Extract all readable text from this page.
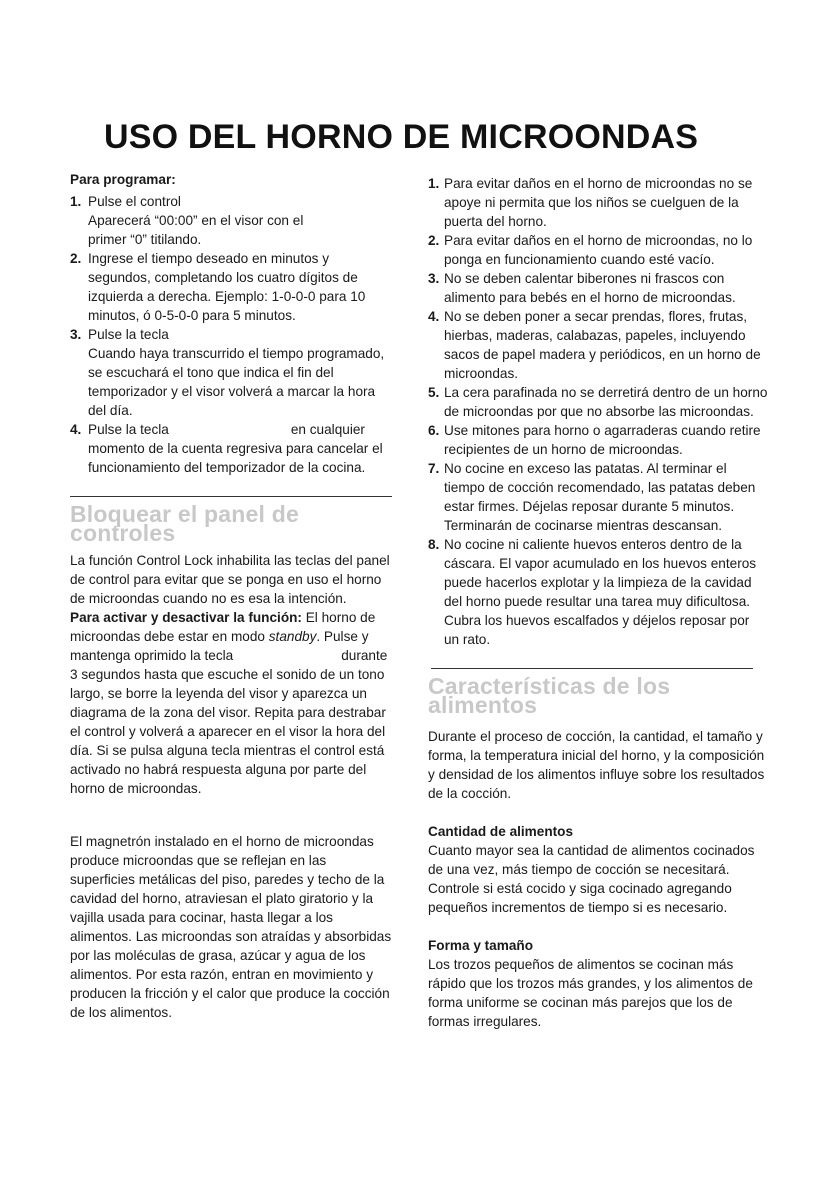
USO DEL HORNO DE MICROONDAS

Para programar:

1. Pulse el control
Aparecerá “00:00” en el visor con el
primer “0” titilando.
2. Ingrese el tiempo deseado en minutos y segundos, completando los cuatro dígitos de izquierda a derecha. Ejemplo: 1-0-0-0 para 10 minutos, ó 0-5-0-0 para 5 minutos.
3. Pulse la tecla
Cuando haya transcurrido el tiempo programado, se escuchará el tono que indica el fin del temporizador y el visor volverá a marcar la hora del día.
4. Pulse la tecla	en cualquier
momento de la cuenta regresiva para cancelar el funcionamiento del temporizador de la cocina.
Bloquear el panel de controles

La función Control Lock inhabilita las teclas del panel de control para evitar que se ponga en uso el horno de microondas cuando no es esa la intención.

Para activar y desactivar la función: El horno de microondas debe estar en modo standby. Pulse y mantenga oprimido la tecla	durante

3 segundos hasta que escuche el sonido de un tono largo, se borre la leyenda del visor y aparezca un diagrama de la zona del visor. Repita para destrabar el control y volverá a aparecer en el visor la hora del día. Si se pulsa alguna tecla mientras el control está activado no habrá respuesta alguna por parte del horno de microondas.

El magnetrón instalado en el horno de microondas produce microondas que se reflejan en las superficies metálicas del piso, paredes y techo de la cavidad del horno, atraviesan el plato giratorio y la vajilla usada para cocinar, hasta llegar a los alimentos. Las microondas son atraídas y absorbidas por las moléculas de grasa, azúcar y agua de los alimentos. Por esta razón, entran en movimiento y producen la fricción y el calor que produce la cocción de los alimentos.

1. Para evitar daños en el horno de microondas no se apoye ni permita que los niños se cuelguen de la puerta del horno.
2. Para evitar daños en el horno de microondas, no lo ponga en funcionamiento cuando esté vacío.
3. No se deben calentar biberones ni frascos con alimento para bebés en el horno de microondas.
4. No se deben poner a secar prendas, flores, frutas, hierbas, maderas, calabazas, papeles, incluyendo sacos de papel madera y periódicos, en un horno de microondas.
5. La cera parafinada no se derretirá dentro de un horno de microondas por que no absorbe las microondas.
6. Use mitones para horno o agarraderas cuando retire recipientes de un horno de microondas.
7. No cocine en exceso las patatas. Al terminar el tiempo de cocción recomendado, las patatas deben estar firmes. Déjelas reposar durante 5 minutos. Terminarán de cocinarse mientras descansan.
8. No cocine ni caliente huevos enteros dentro de la cáscara. El vapor acumulado en los huevos enteros puede hacerlos explotar y la limpieza de la cavidad del horno puede resultar una tarea muy dificultosa. Cubra los huevos escalfados y déjelos reposar por un rato.
Características de los alimentos

Durante el proceso de cocción, la cantidad, el tamaño y forma, la temperatura inicial del horno, y la composición y densidad de los alimentos influye sobre los resultados de la cocción.

Cantidad de alimentos

Cuanto mayor sea la cantidad de alimentos cocinados de una vez, más tiempo de cocción se necesitará. Controle si está cocido y siga cocinado agregando pequeños incrementos de tiempo si es necesario.

Forma y tamaño

Los trozos pequeños de alimentos se cocinan más rápido que los trozos más grandes, y los alimentos de forma uniforme se cocinan más parejos que los de formas irregulares.
